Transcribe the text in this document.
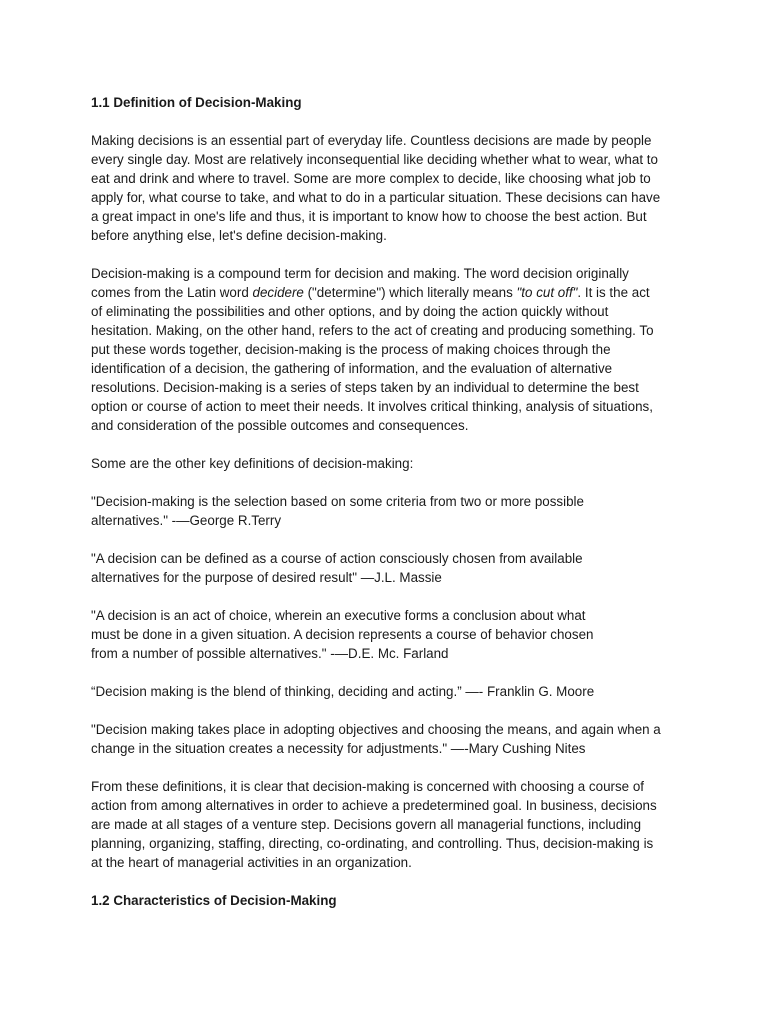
1.1 Definition of Decision-Making

Making decisions is an essential part of everyday life. Countless decisions are made by people
every single day. Most are relatively inconsequential like deciding whether what to wear, what to
eat and drink and where to travel. Some are more complex to decide, like choosing what job to
apply for, what course to take, and what to do in a particular situation. These decisions can have
a great impact in one's life and thus, it is important to know how to choose the best action. But
before anything else, let's define decision-making.

Decision-making is a compound term for decision and making. The word decision originally
comes from the Latin word decidere ("determine") which literally means "to cut off". It is the act
of eliminating the possibilities and other options, and by doing the action quickly without
hesitation. Making, on the other hand, refers to the act of creating and producing something. To
put these words together, decision-making is the process of making choices through the
identification of a decision, the gathering of information, and the evaluation of alternative
resolutions. Decision-making is a series of steps taken by an individual to determine the best
option or course of action to meet their needs. It involves critical thinking, analysis of situations,
and consideration of the possible outcomes and consequences.

Some are the other key definitions of decision-making:

"Decision-making is the selection based on some criteria from two or more possible
alternatives." -—George R.Terry

"A decision can be defined as a course of action consciously chosen from available
alternatives for the purpose of desired result" —J.L. Massie

"A decision is an act of choice, wherein an executive forms a conclusion about what
must be done in a given situation. A decision represents a course of behavior chosen
from a number of possible alternatives." -—D.E. Mc. Farland

“Decision making is the blend of thinking, deciding and acting.” —- Franklin G. Moore

"Decision making takes place in adopting objectives and choosing the means, and again when a
change in the situation creates a necessity for adjustments." —-Mary Cushing Nites

From these definitions, it is clear that decision-making is concerned with choosing a course of
action from among alternatives in order to achieve a predetermined goal. In business, decisions
are made at all stages of a venture step. Decisions govern all managerial functions, including
planning, organizing, staffing, directing, co-ordinating, and controlling. Thus, decision-making is
at the heart of managerial activities in an organization.

1.2 Characteristics of Decision-Making
